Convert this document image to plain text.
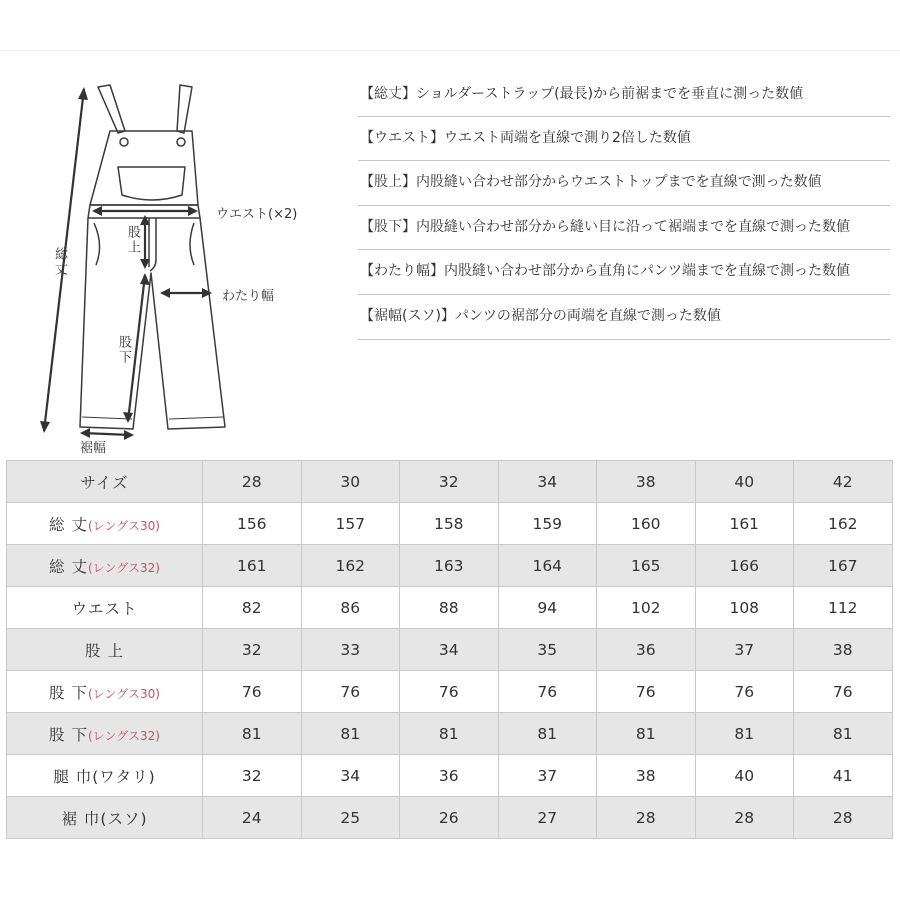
ウエスト(×2)
総丈
股上
わたり幅
股下
裾幅
【総丈】ショルダーストラップ(最長)から前裾までを垂直に測った数値
【ウエスト】ウエスト両端を直線で測り2倍した数値
【股上】内股縫い合わせ部分からウエストトップまでを直線で測った数値
【股下】内股縫い合わせ部分から縫い目に沿って裾端までを直線で測った数値
【わたり幅】内股縫い合わせ部分から直角にパンツ端までを直線で測った数値
【裾幅(スソ)】パンツの裾部分の両端を直線で測った数値
サイズ	28	30	32	34	38	40	42
総 丈(レングス30)	156	157	158	159	160	161	162
総 丈(レングス32)	161	162	163	164	165	166	167
ウエスト	82	86	88	94	102	108	112
股 上	32	33	34	35	36	37	38
股 下(レングス30)	76	76	76	76	76	76	76
股 下(レングス32)	81	81	81	81	81	81	81
腿 巾(ワタリ)	32	34	36	37	38	40	41
裾 巾(スソ)	24	25	26	27	28	28	28
